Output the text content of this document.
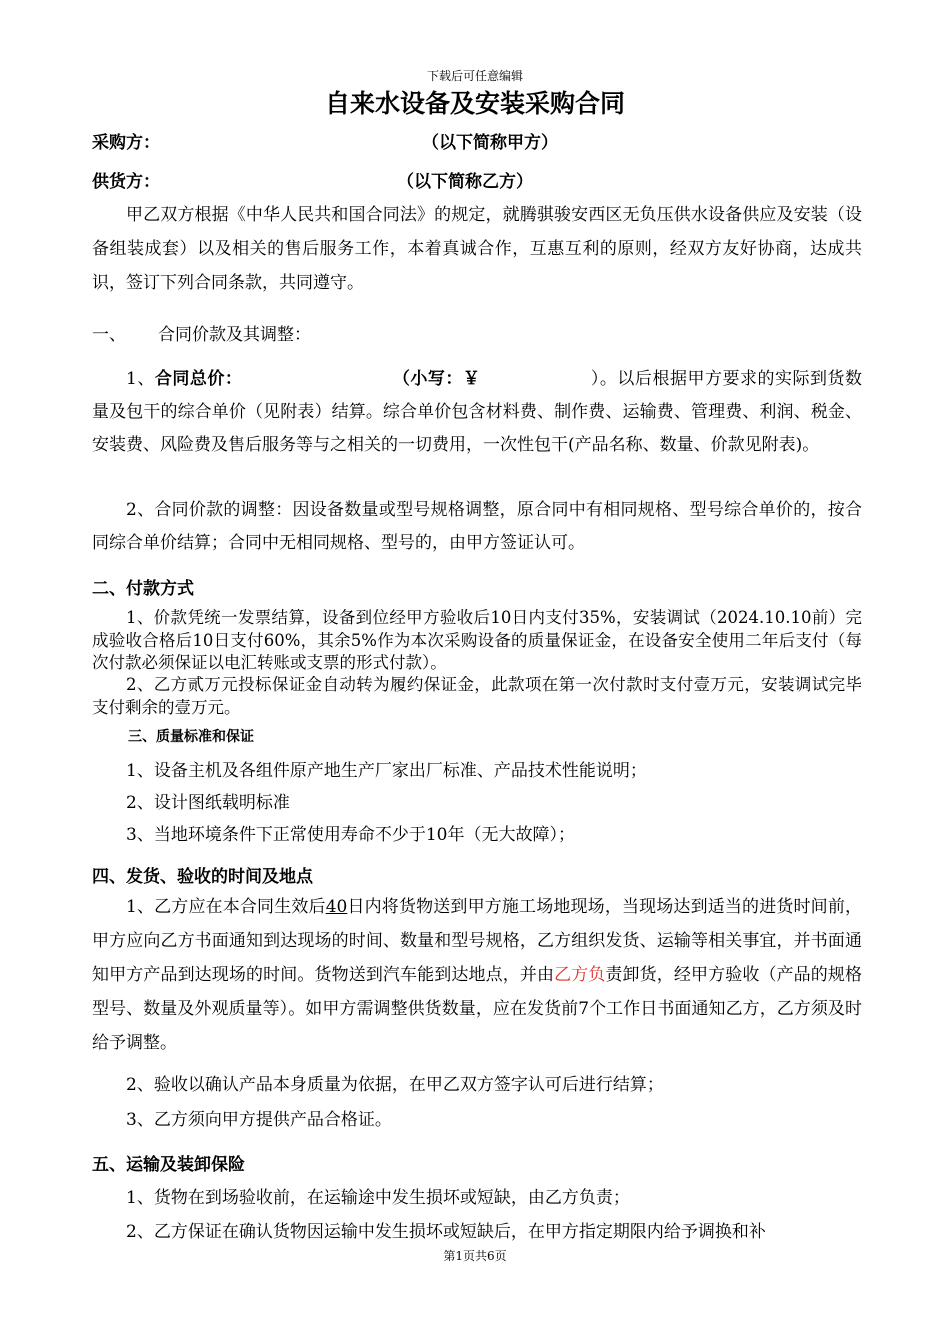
下载后可任意编辑
自来水设备及安装采购合同
采购方：	（以下简称甲方）
供货方：	（以下简称乙方）
甲乙双方根据《中华人民共和国合同法》的规定，就腾骐骏安西区无负压供水设备供应及安装（设备组装成套）以及相关的售后服务工作，本着真诚合作，互惠互利的原则，经双方友好协商，达成共识，签订下列合同条款，共同遵守。
一、 合同价款及其调整：
1、合同总价：	（小写：￥	）。以后根据甲方要求的实际到货数量及包干的综合单价（见附表）结算。综合单价包含材料费、制作费、运输费、管理费、利润、税金、安装费、风险费及售后服务等与之相关的一切费用，一次性包干(产品名称、数量、价款见附表)。
2、合同价款的调整：因设备数量或型号规格调整，原合同中有相同规格、型号综合单价的，按合同综合单价结算；合同中无相同规格、型号的，由甲方签证认可。
二、付款方式
1、价款凭统一发票结算，设备到位经甲方验收后10日内支付35%，安装调试（2024.10.10前）完成验收合格后10日支付60%，其余5%作为本次采购设备的质量保证金，在设备安全使用二年后支付（每次付款必须保证以电汇转账或支票的形式付款）。
2、乙方贰万元投标保证金自动转为履约保证金，此款项在第一次付款时支付壹万元，安装调试完毕支付剩余的壹万元。
三、质量标准和保证
1、设备主机及各组件原产地生产厂家出厂标准、产品技术性能说明；
2、设计图纸载明标准
3、当地环境条件下正常使用寿命不少于10年（无大故障）；
四、发货、验收的时间及地点
1、乙方应在本合同生效后40日内将货物送到甲方施工场地现场，当现场达到适当的进货时间前，甲方应向乙方书面通知到达现场的时间、数量和型号规格，乙方组织发货、运输等相关事宜，并书面通知甲方产品到达现场的时间。货物送到汽车能到达地点，并由乙方负责卸货，经甲方验收（产品的规格型号、数量及外观质量等）。如甲方需调整供货数量，应在发货前7个工作日书面通知乙方，乙方须及时给予调整。
2、验收以确认产品本身质量为依据，在甲乙双方签字认可后进行结算；
3、乙方须向甲方提供产品合格证。
五、运输及装卸保险
1、货物在到场验收前，在运输途中发生损坏或短缺，由乙方负责；
2、乙方保证在确认货物因运输中发生损坏或短缺后，在甲方指定期限内给予调换和补
第1页共6页
